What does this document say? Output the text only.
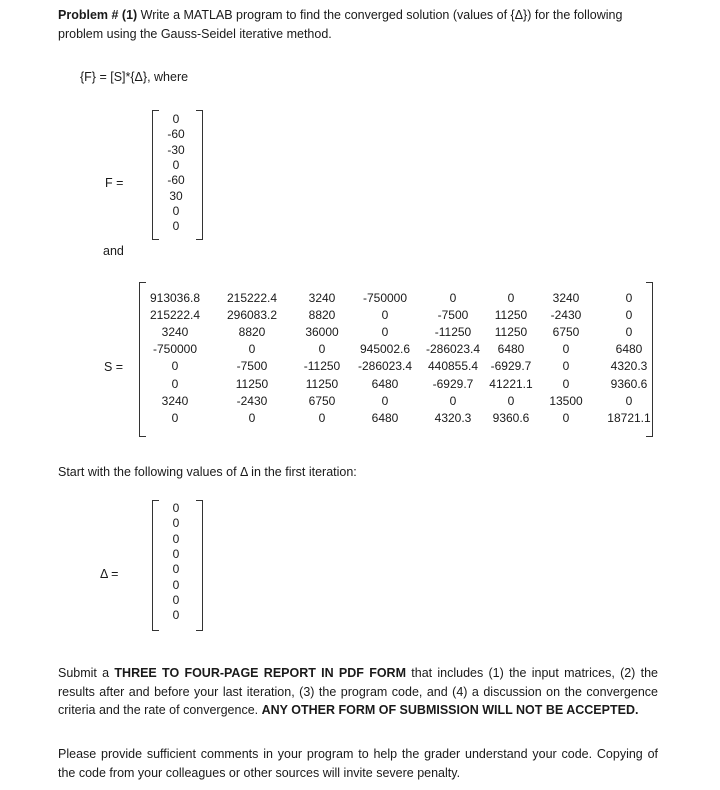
Problem # (1) Write a MATLAB program to find the converged solution (values of {Δ}) for the following problem using the Gauss-Seidel iterative method.
{F} = [S]*{Δ}, where
F =
0
-60
-30
0
-60
30
0
0
and
S =
913036.8	215222.4	3240	-750000	0	0	3240	0
215222.4	296083.2	8820	0	-7500	11250	-2430	0
3240	8820	36000	0	-11250	11250	6750	0
-750000	0	0	945002.6	-286023.4	6480	0	6480
0	-7500	-11250	-286023.4	440855.4	-6929.7	0	4320.3
0	11250	11250	6480	-6929.7	41221.1	0	9360.6
3240	-2430	6750	0	0	0	13500	0
0	0	0	6480	4320.3	9360.6	0	18721.1
Start with the following values of Δ in the first iteration:
Δ =
0
0
0
0
0
0
0
0
Submit a THREE TO FOUR-PAGE REPORT IN PDF FORM that includes (1) the input matrices, (2) the results after and before your last iteration, (3) the program code, and (4) a discussion on the convergence criteria and the rate of convergence. ANY OTHER FORM OF SUBMISSION WILL NOT BE ACCEPTED.
Please provide sufficient comments in your program to help the grader understand your code. Copying of the code from your colleagues or other sources will invite severe penalty.
